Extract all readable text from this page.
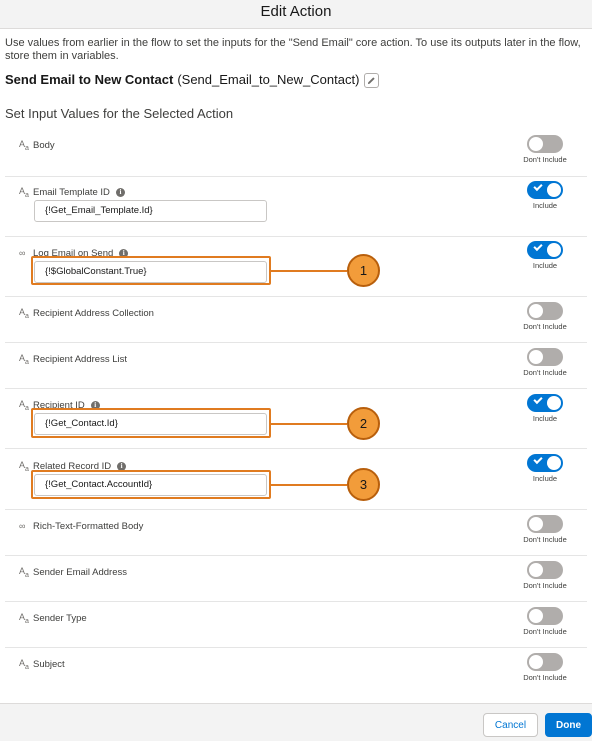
Edit Action
Use values from earlier in the flow to set the inputs for the "Send Email" core action. To use its outputs later in the flow, store them in variables.
Send Email to New Contact (Send_Email_to_New_Contact)
Set Input Values for the Selected Action
$A_a$ Body
Don't Include
$A_a$ Email Template ID	i
{!Get_Email_Template.Id}	Include
∞ Log Email on Send	i
{!$GlobalConstant.True}
Include
$A_a$ Recipient Address Collection
Don't Include
$A_a$ Recipient Address List
Don't Include
$A_a$ Recipient ID	i
{!Get_Contact.Id}	Include
$A_a$ Related Record ID	i
{!Get_Contact.AccountId}
Include
∞ Rich-Text-Formatted Body
Don't Include
$A_a$ Sender Email Address
Don't Include
$A_a$ Sender Type
Don't Include
$A_a$ Subject
Don't Include
1
2
3
Cancel	Done
